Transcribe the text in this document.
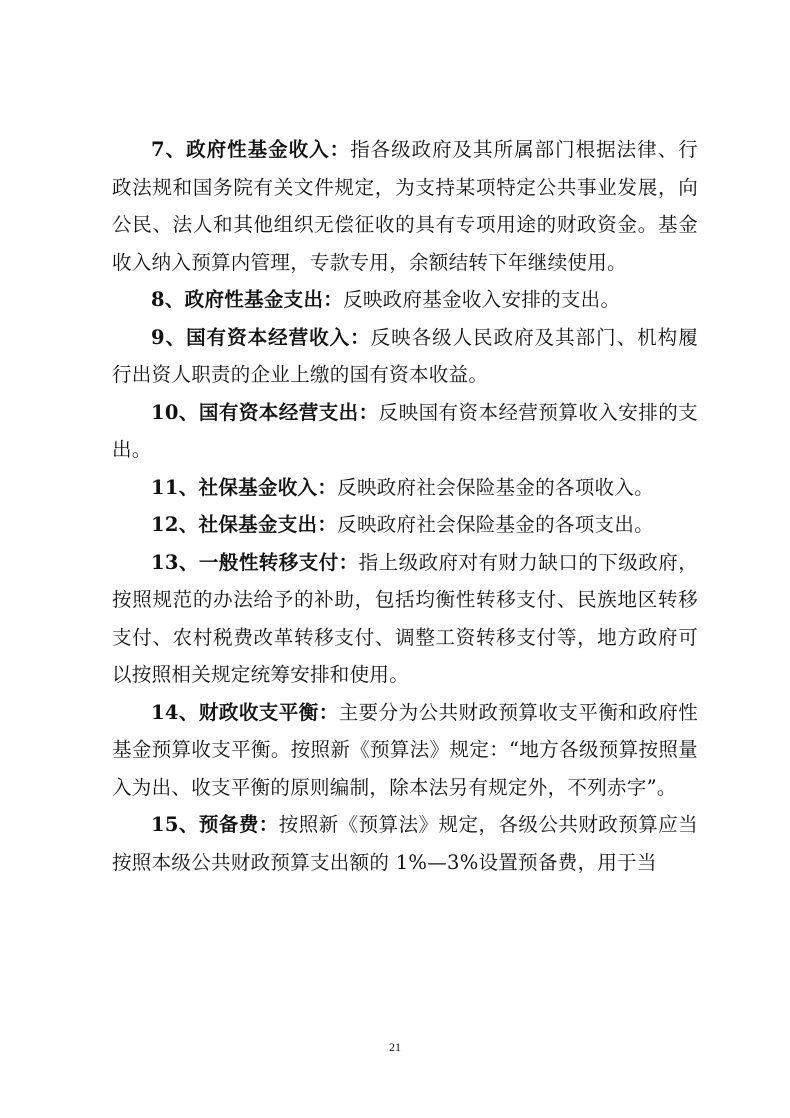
7、政府性基金收入：指各级政府及其所属部门根据法律、行政法规和国务院有关文件规定，为支持某项特定公共事业发展，向公民、法人和其他组织无偿征收的具有专项用途的财政资金。基金收入纳入预算内管理，专款专用，余额结转下年继续使用。

8、政府性基金支出：反映政府基金收入安排的支出。

9、国有资本经营收入：反映各级人民政府及其部门、机构履行出资人职责的企业上缴的国有资本收益。

10、国有资本经营支出：反映国有资本经营预算收入安排的支出。

11、社保基金收入：反映政府社会保险基金的各项收入。

12、社保基金支出：反映政府社会保险基金的各项支出。

13、一般性转移支付：指上级政府对有财力缺口的下级政府，按照规范的办法给予的补助，包括均衡性转移支付、民族地区转移支付、农村税费改革转移支付、调整工资转移支付等，地方政府可以按照相关规定统筹安排和使用。

14、财政收支平衡：主要分为公共财政预算收支平衡和政府性基金预算收支平衡。按照新《预算法》规定：“地方各级预算按照量入为出、收支平衡的原则编制，除本法另有规定外，不列赤字”。

15、预备费：按照新《预算法》规定，各级公共财政预算应当按照本级公共财政预算支出额的 1%—3%设置预备费，用于当

21
